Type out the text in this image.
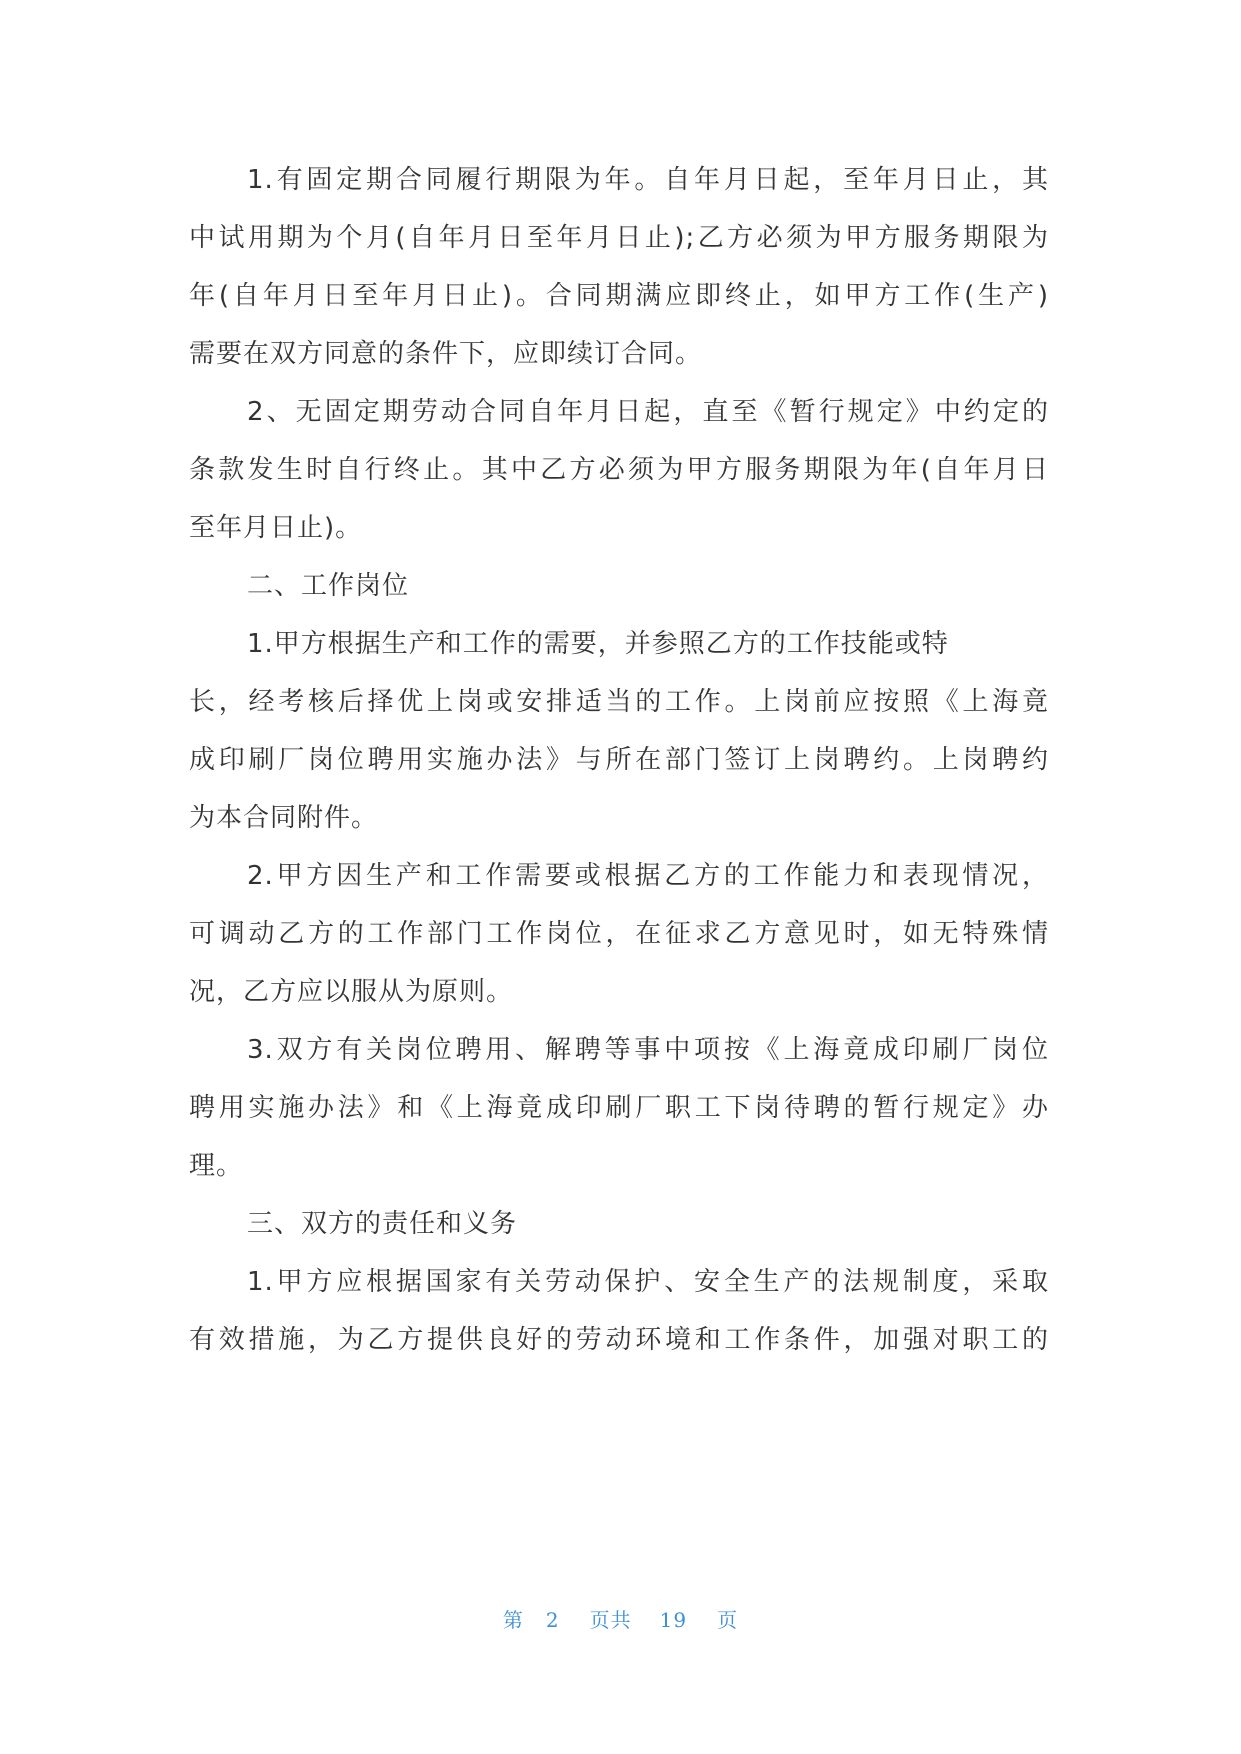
1.有固定期合同履行期限为年。自年月日起，至年月日止，其
中试用期为个月(自年月日至年月日止);乙方必须为甲方服务期限为
年(自年月日至年月日止)。合同期满应即终止，如甲方工作(生产)
需要在双方同意的条件下，应即续订合同。
2、无固定期劳动合同自年月日起，直至《暂行规定》中约定的
条款发生时自行终止。其中乙方必须为甲方服务期限为年(自年月日
至年月日止)。
二、工作岗位
1.甲方根据生产和工作的需要，并参照乙方的工作技能或特
长，经考核后择优上岗或安排适当的工作。上岗前应按照《上海竟
成印刷厂岗位聘用实施办法》与所在部门签订上岗聘约。上岗聘约
为本合同附件。
2.甲方因生产和工作需要或根据乙方的工作能力和表现情况，
可调动乙方的工作部门工作岗位，在征求乙方意见时，如无特殊情
况，乙方应以服从为原则。
3.双方有关岗位聘用、解聘等事中项按《上海竟成印刷厂岗位
聘用实施办法》和《上海竟成印刷厂职工下岗待聘的暂行规定》办
理。
三、双方的责任和义务
1.甲方应根据国家有关劳动保护、安全生产的法规制度，采取
有效措施，为乙方提供良好的劳动环境和工作条件，加强对职工的
第 2 页共 19 页
